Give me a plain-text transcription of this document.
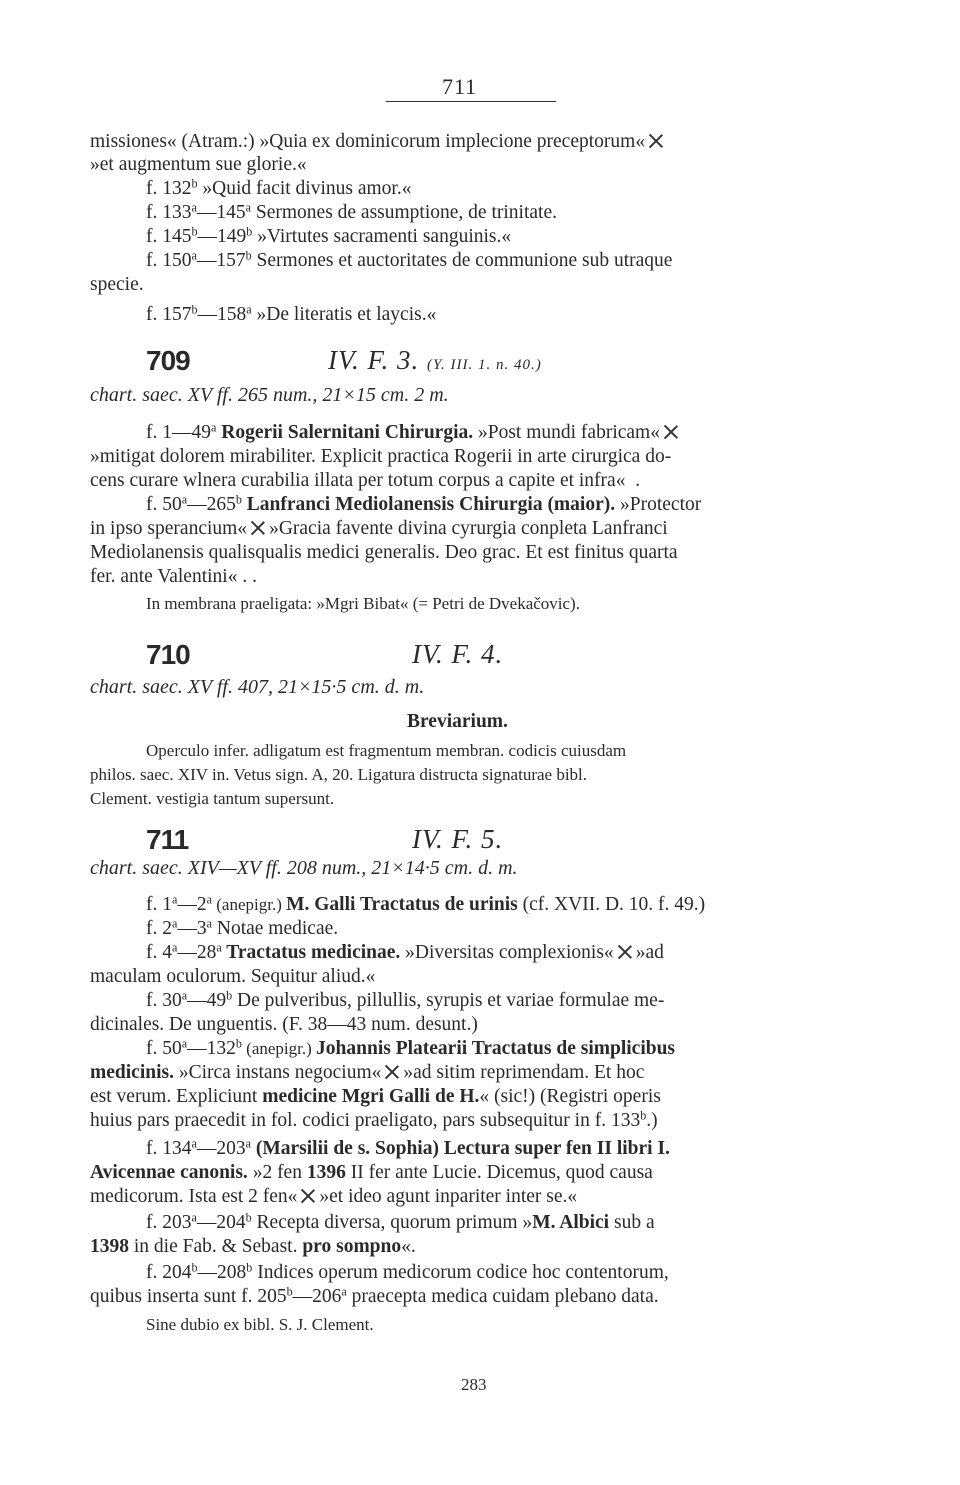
711
missiones« (Atram.:) »Quia ex dominicorum implecione preceptorum«
»et augmentum sue glorie.«
f. 132$^b$ »Quid facit divinus amor.«
f. 133$^a$—145$^a$ Sermones de assumptione, de trinitate.
f. 145$^b$—149$^b$ »Virtutes sacramenti sanguinis.«
f. 150$^a$—157$^b$ Sermones et auctoritates de communione sub utraque
specie.
f. 157$^b$—158$^a$ »De literatis et laycis.«
709	IV. F. 3. (Y. III. 1. n. 40.)
chart. saec. XV ff. 265 num., 21×15 cm. 2 m.
f. 1—49$^a$ Rogerii Salernitani Chirurgia. »Post mundi fabricam«
»mitigat dolorem mirabiliter. Explicit practica Rogerii in arte cirurgica do-
cens curare wlnera curabilia illata per totum corpus a capite et infra« .
f. 50$^a$—265$^b$ Lanfranci Mediolanensis Chirurgia (maior). »Protector
in ipso sperancium« »Gracia favente divina cyrurgia conpleta Lanfranci
Mediolanensis qualisqualis medici generalis. Deo grac. Et est finitus quarta
fer. ante Valentini« . .
In membrana praeligata: »Mgri Bibat« (= Petri de Dvekačovic).
710	IV. F. 4.
chart. saec. XV ff. 407, 21×15·5 cm. d. m.
Breviarium.
Operculo infer. adligatum est fragmentum membran. codicis cuiusdam
philos. saec. XIV in. Vetus sign. A, 20. Ligatura distructa signaturae bibl.
Clement. vestigia tantum supersunt.
711	IV. F. 5.
chart. saec. XIV—XV ff. 208 num., 21×14·5 cm. d. m.
f. 1$^a$—2$^a$ (anepigr.) M. Galli Tractatus de urinis (cf. XVII. D. 10. f. 49.)
f. 2$^a$—3$^a$ Notae medicae.
f. 4$^a$—28$^a$ Tractatus medicinae. »Diversitas complexionis« »ad
maculam oculorum. Sequitur aliud.«
f. 30$^a$—49$^b$ De pulveribus, pillullis, syrupis et variae formulae me-
dicinales. De unguentis. (F. 38—43 num. desunt.)
f. 50$^a$—132$^b$ (anepigr.) Johannis Platearii Tractatus de simplicibus
medicinis. »Circa instans negocium« »ad sitim reprimendam. Et hoc
est verum. Expliciunt medicine Mgri Galli de H.« (sic!) (Registri operis
huius pars praecedit in fol. codici praeligato, pars subsequitur in f. 133$^b$.)
f. 134$^a$—203$^a$ (Marsilii de s. Sophia) Lectura super fen II libri I.
Avicennae canonis. »2 fen 1396 II fer ante Lucie. Dicemus, quod causa
medicorum. Ista est 2 fen« »et ideo agunt inpariter inter se.«
f. 203$^a$—204$^b$ Recepta diversa, quorum primum »M. Albici sub a
1398 in die Fab. & Sebast. pro sompno«.
f. 204$^b$—208$^b$ Indices operum medicorum codice hoc contentorum,
quibus inserta sunt f. 205$^b$—206$^a$ praecepta medica cuidam plebano data.
Sine dubio ex bibl. S. J. Clement.
283
